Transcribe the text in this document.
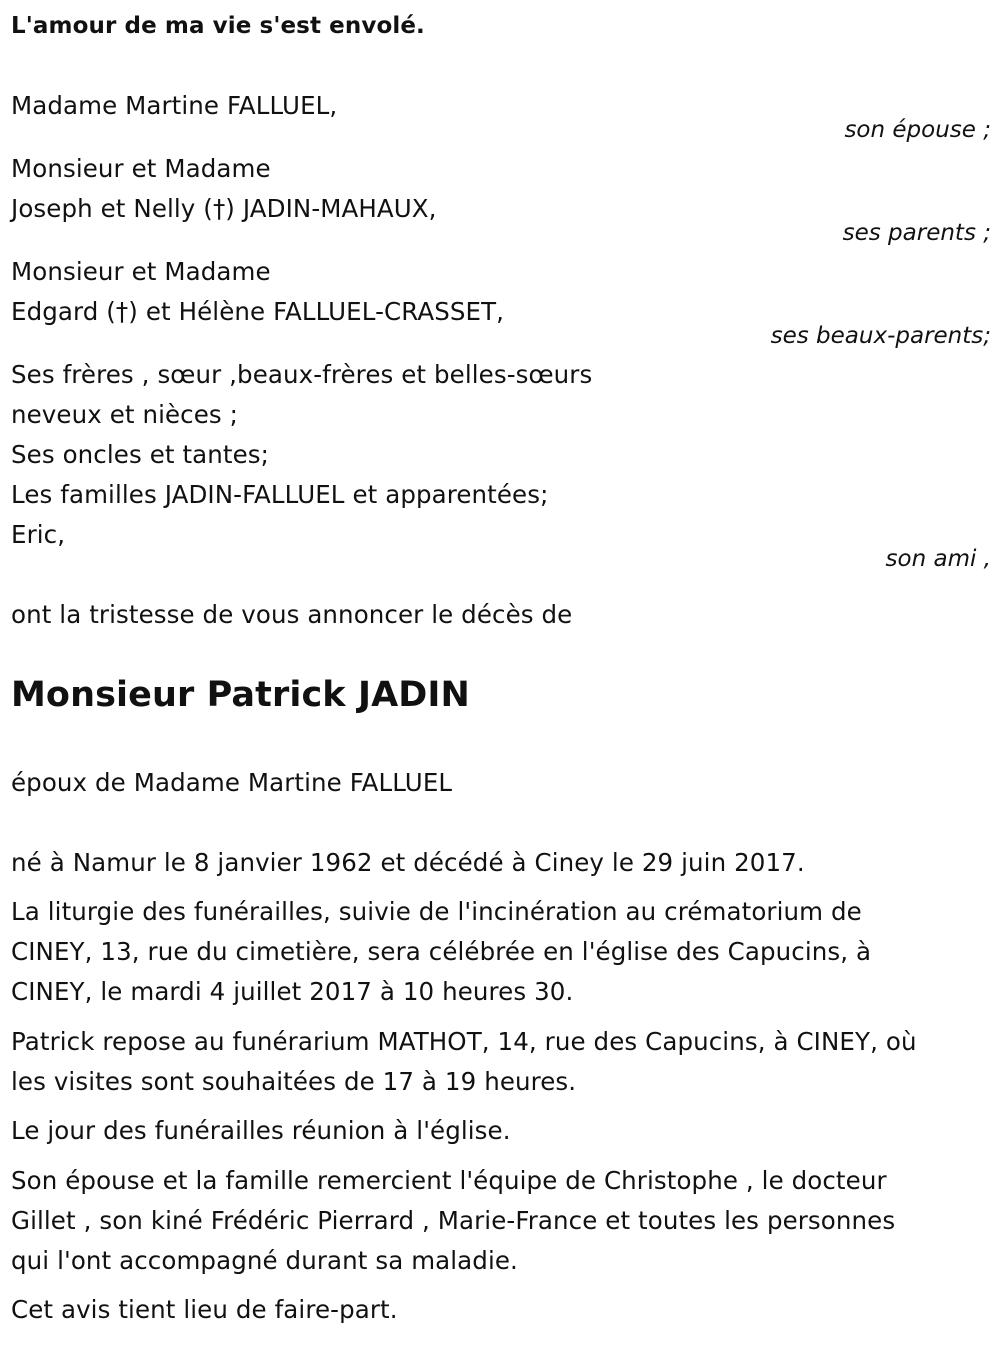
L'amour de ma vie s'est envolé.
Madame Martine FALLUEL,
son épouse ;
Monsieur et Madame
Joseph et Nelly (†) JADIN-MAHAUX,
ses parents ;
Monsieur et Madame
Edgard (†) et Hélène FALLUEL-CRASSET,
ses beaux-parents;
Ses frères , sœur ,beaux-frères et belles-sœurs
neveux et nièces ;
Ses oncles et tantes;
Les familles JADIN-FALLUEL et apparentées;
Eric,
son ami ,
ont la tristesse de vous annoncer le décès de
Monsieur Patrick JADIN
époux de Madame Martine FALLUEL
né à Namur le 8 janvier 1962 et décédé à Ciney le 29 juin 2017.
La liturgie des funérailles, suivie de l'incinération au crématorium de
CINEY, 13, rue du cimetière, sera célébrée en l'église des Capucins, à
CINEY, le mardi 4 juillet 2017 à 10 heures 30.
Patrick repose au funérarium MATHOT, 14, rue des Capucins, à CINEY, où
les visites sont souhaitées de 17 à 19 heures.
Le jour des funérailles réunion à l'église.
Son épouse et la famille remercient l'équipe de Christophe , le docteur
Gillet , son kiné Frédéric Pierrard , Marie-France et toutes les personnes
qui l'ont accompagné durant sa maladie.
Cet avis tient lieu de faire-part.
